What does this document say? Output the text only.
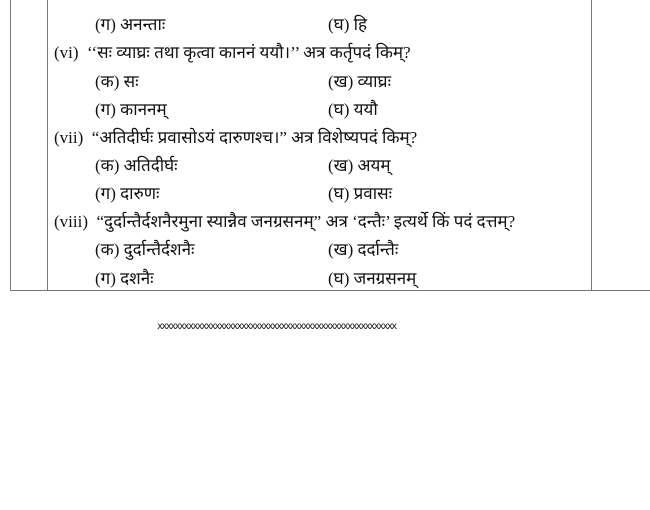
(ग) अनन्ताः	(घ) हि
(vi) ‘‘सः व्याघ्रः तथा कृत्वा काननं ययौ।’’ अत्र कर्तृपदं किम्?
(क) सः	(ख) व्याघ्रः
(ग) काननम्	(घ) ययौ
(vii) “अतिदीर्घः प्रवासोऽयं दारुणश्च।” अत्र विशेष्यपदं किम्?
(क) अतिदीर्घः	(ख) अयम्
(ग) दारुणः	(घ) प्रवासः
(viii) “दुर्दान्तैर्दशनैरमुना स्यान्नैव जनग्रसनम्” अत्र ‘दन्तैः’ इत्यर्थे किं पदं दत्तम्?
(क) दुर्दान्तैर्दशनैः	(ख) दर्दान्तैः
(ग) दशनैः	(घ) जनग्रसनम्
xxxxxxxxxxxxxxxxxxxxxxxxxxxxxxxxxxxxxxxxxxxxxxxxxxxxxx
